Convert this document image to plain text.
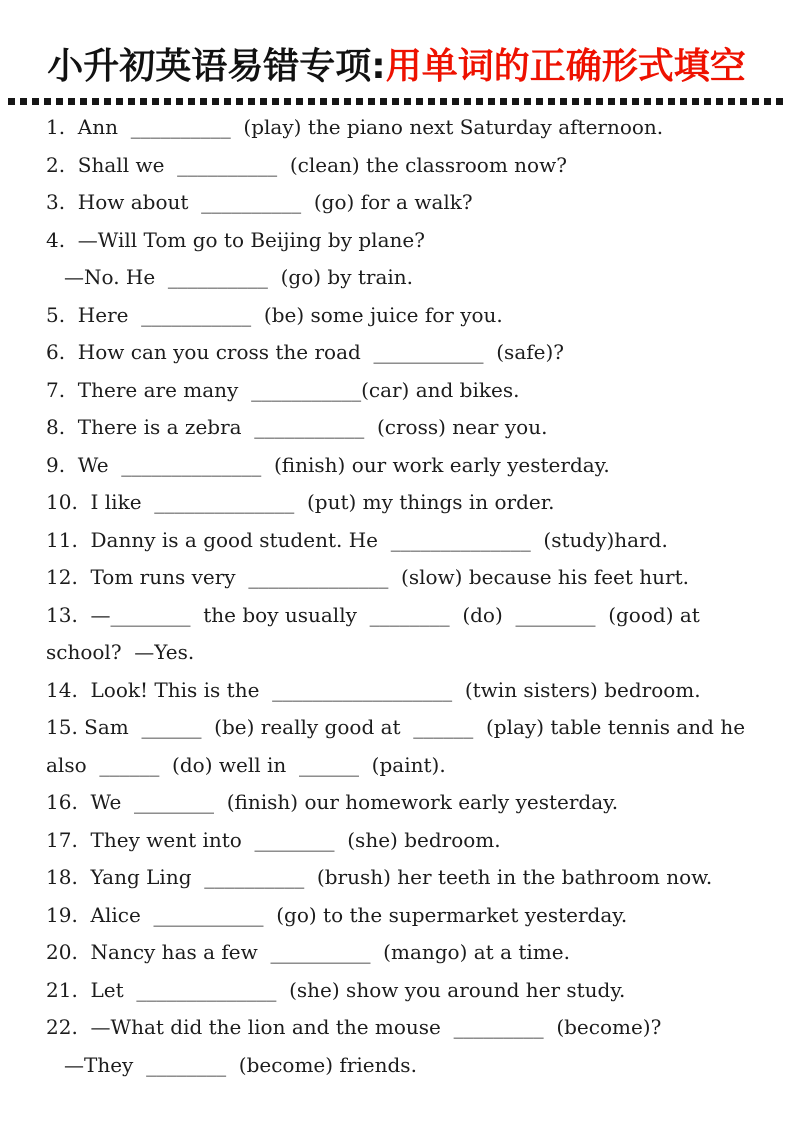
小升初英语易错专项:用单词的正确形式填空
1.  Ann  __________  (play) the piano next Saturday afternoon.
2.  Shall we  __________  (clean) the classroom now?
3.  How about  __________  (go) for a walk?
4.  —Will Tom go to Beijing by plane?
—No. He  __________  (go) by train.
5.  Here  ___________  (be) some juice for you.
6.  How can you cross the road  ___________  (safe)?
7.  There are many  ___________(car) and bikes.
8.  There is a zebra  ___________  (cross) near you.
9.  We  ______________  (finish) our work early yesterday.
10.  I like  ______________  (put) my things in order.
11.  Danny is a good student. He  ______________  (study)hard.
12.  Tom runs very  ______________  (slow) because his feet hurt.
13.  —________  the boy usually  ________  (do)  ________  (good) at
school?  —Yes.
14.  Look! This is the  __________________  (twin sisters) bedroom.
15. Sam  ______  (be) really good at  ______  (play) table tennis and he
also  ______  (do) well in  ______  (paint).
16.  We  ________  (finish) our homework early yesterday.
17.  They went into  ________  (she) bedroom.
18.  Yang Ling  __________  (brush) her teeth in the bathroom now.
19.  Alice  ___________  (go) to the supermarket yesterday.
20.  Nancy has a few  __________  (mango) at a time.
21.  Let  ______________  (she) show you around her study.
22.  —What did the lion and the mouse  _________  (become)?
—They  ________  (become) friends.
